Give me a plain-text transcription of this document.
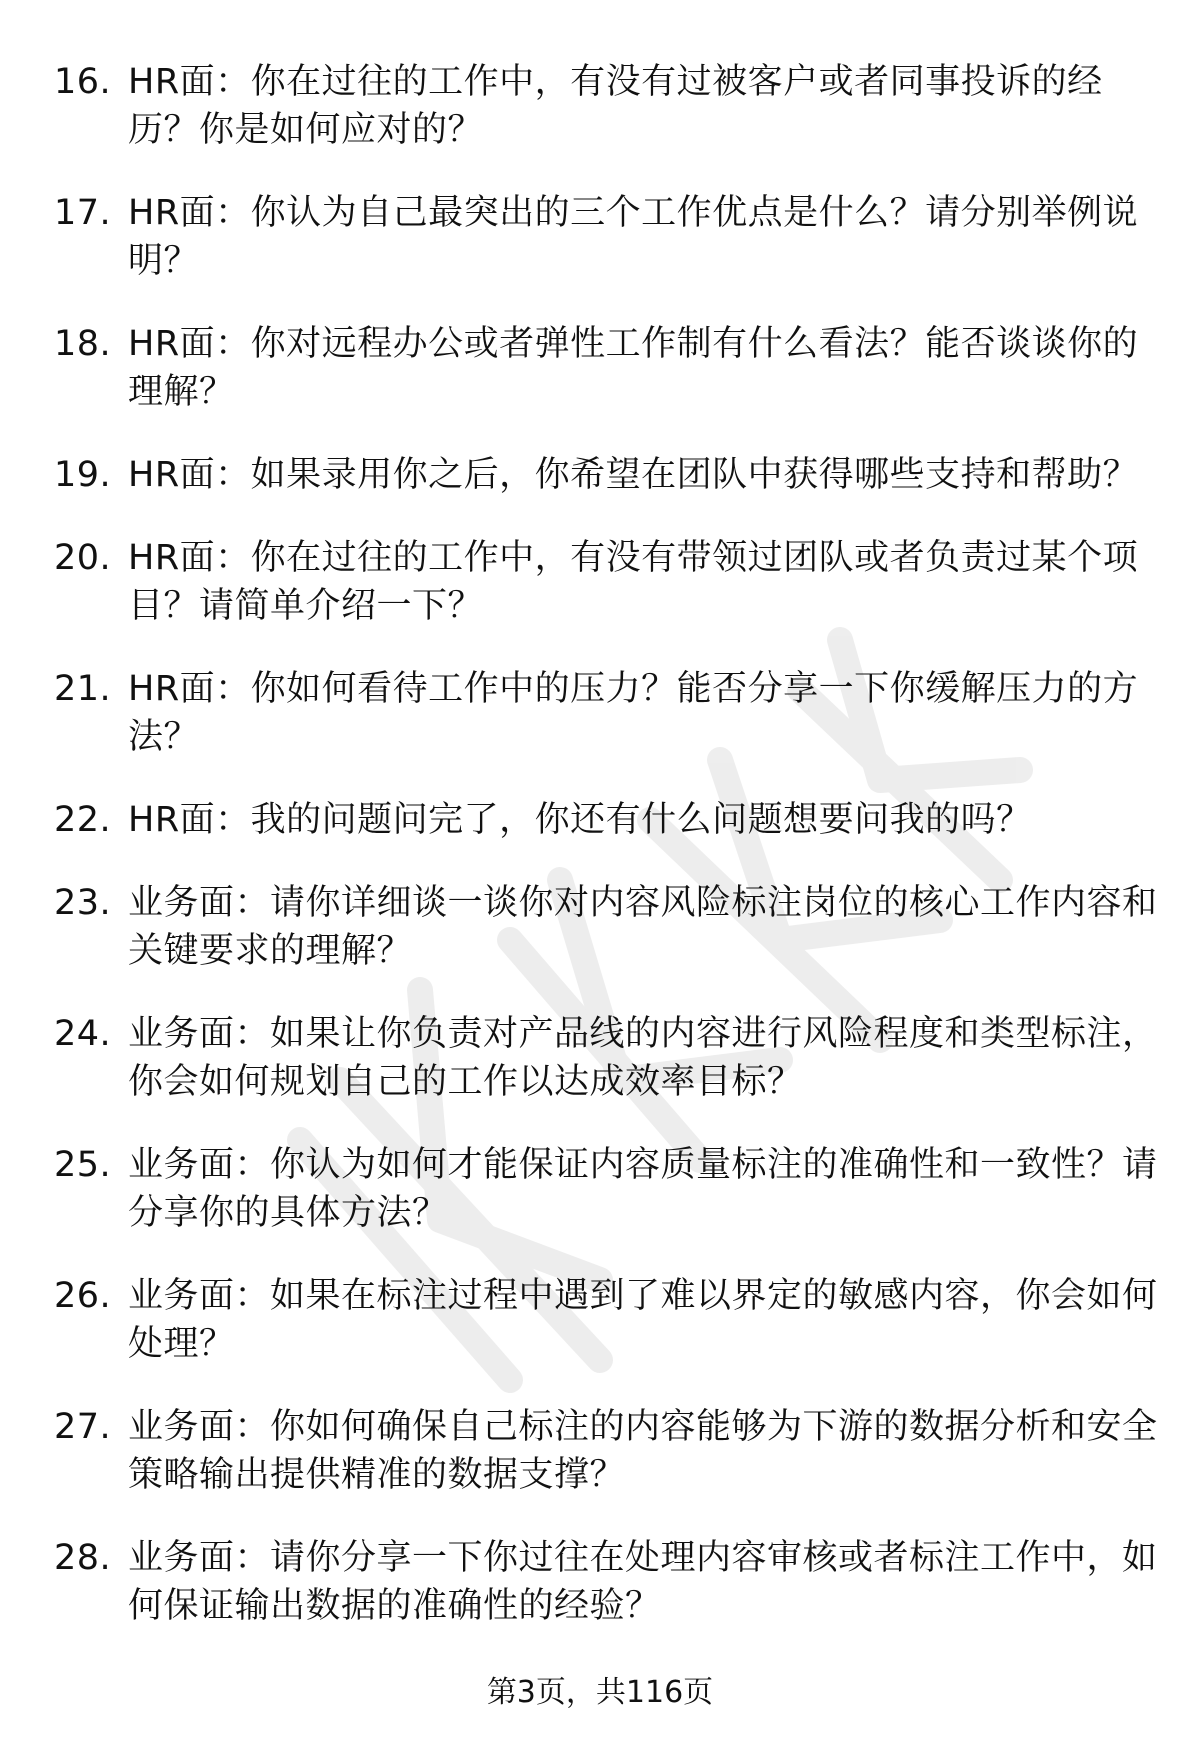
16. HR面：你在过往的工作中，有没有过被客户或者同事投诉的经历？你是如何应对的？
17. HR面：你认为自己最突出的三个工作优点是什么？请分别举例说明？
18. HR面：你对远程办公或者弹性工作制有什么看法？能否谈谈你的理解？
19. HR面：如果录用你之后，你希望在团队中获得哪些支持和帮助？
20. HR面：你在过往的工作中，有没有带领过团队或者负责过某个项目？请简单介绍一下？
21. HR面：你如何看待工作中的压力？能否分享一下你缓解压力的方法？
22. HR面：我的问题问完了，你还有什么问题想要问我的吗？
23. 业务面：请你详细谈一谈你对内容风险标注岗位的核心工作内容和关键要求的理解？
24. 业务面：如果让你负责对产品线的内容进行风险程度和类型标注，你会如何规划自己的工作以达成效率目标？
25. 业务面：你认为如何才能保证内容质量标注的准确性和一致性？请分享你的具体方法？
26. 业务面：如果在标注过程中遇到了难以界定的敏感内容，你会如何处理？
27. 业务面：你如何确保自己标注的内容能够为下游的数据分析和安全策略输出提供精准的数据支撑？
28. 业务面：请你分享一下你过往在处理内容审核或者标注工作中，如何保证输出数据的准确性的经验？
第3页，共116页
